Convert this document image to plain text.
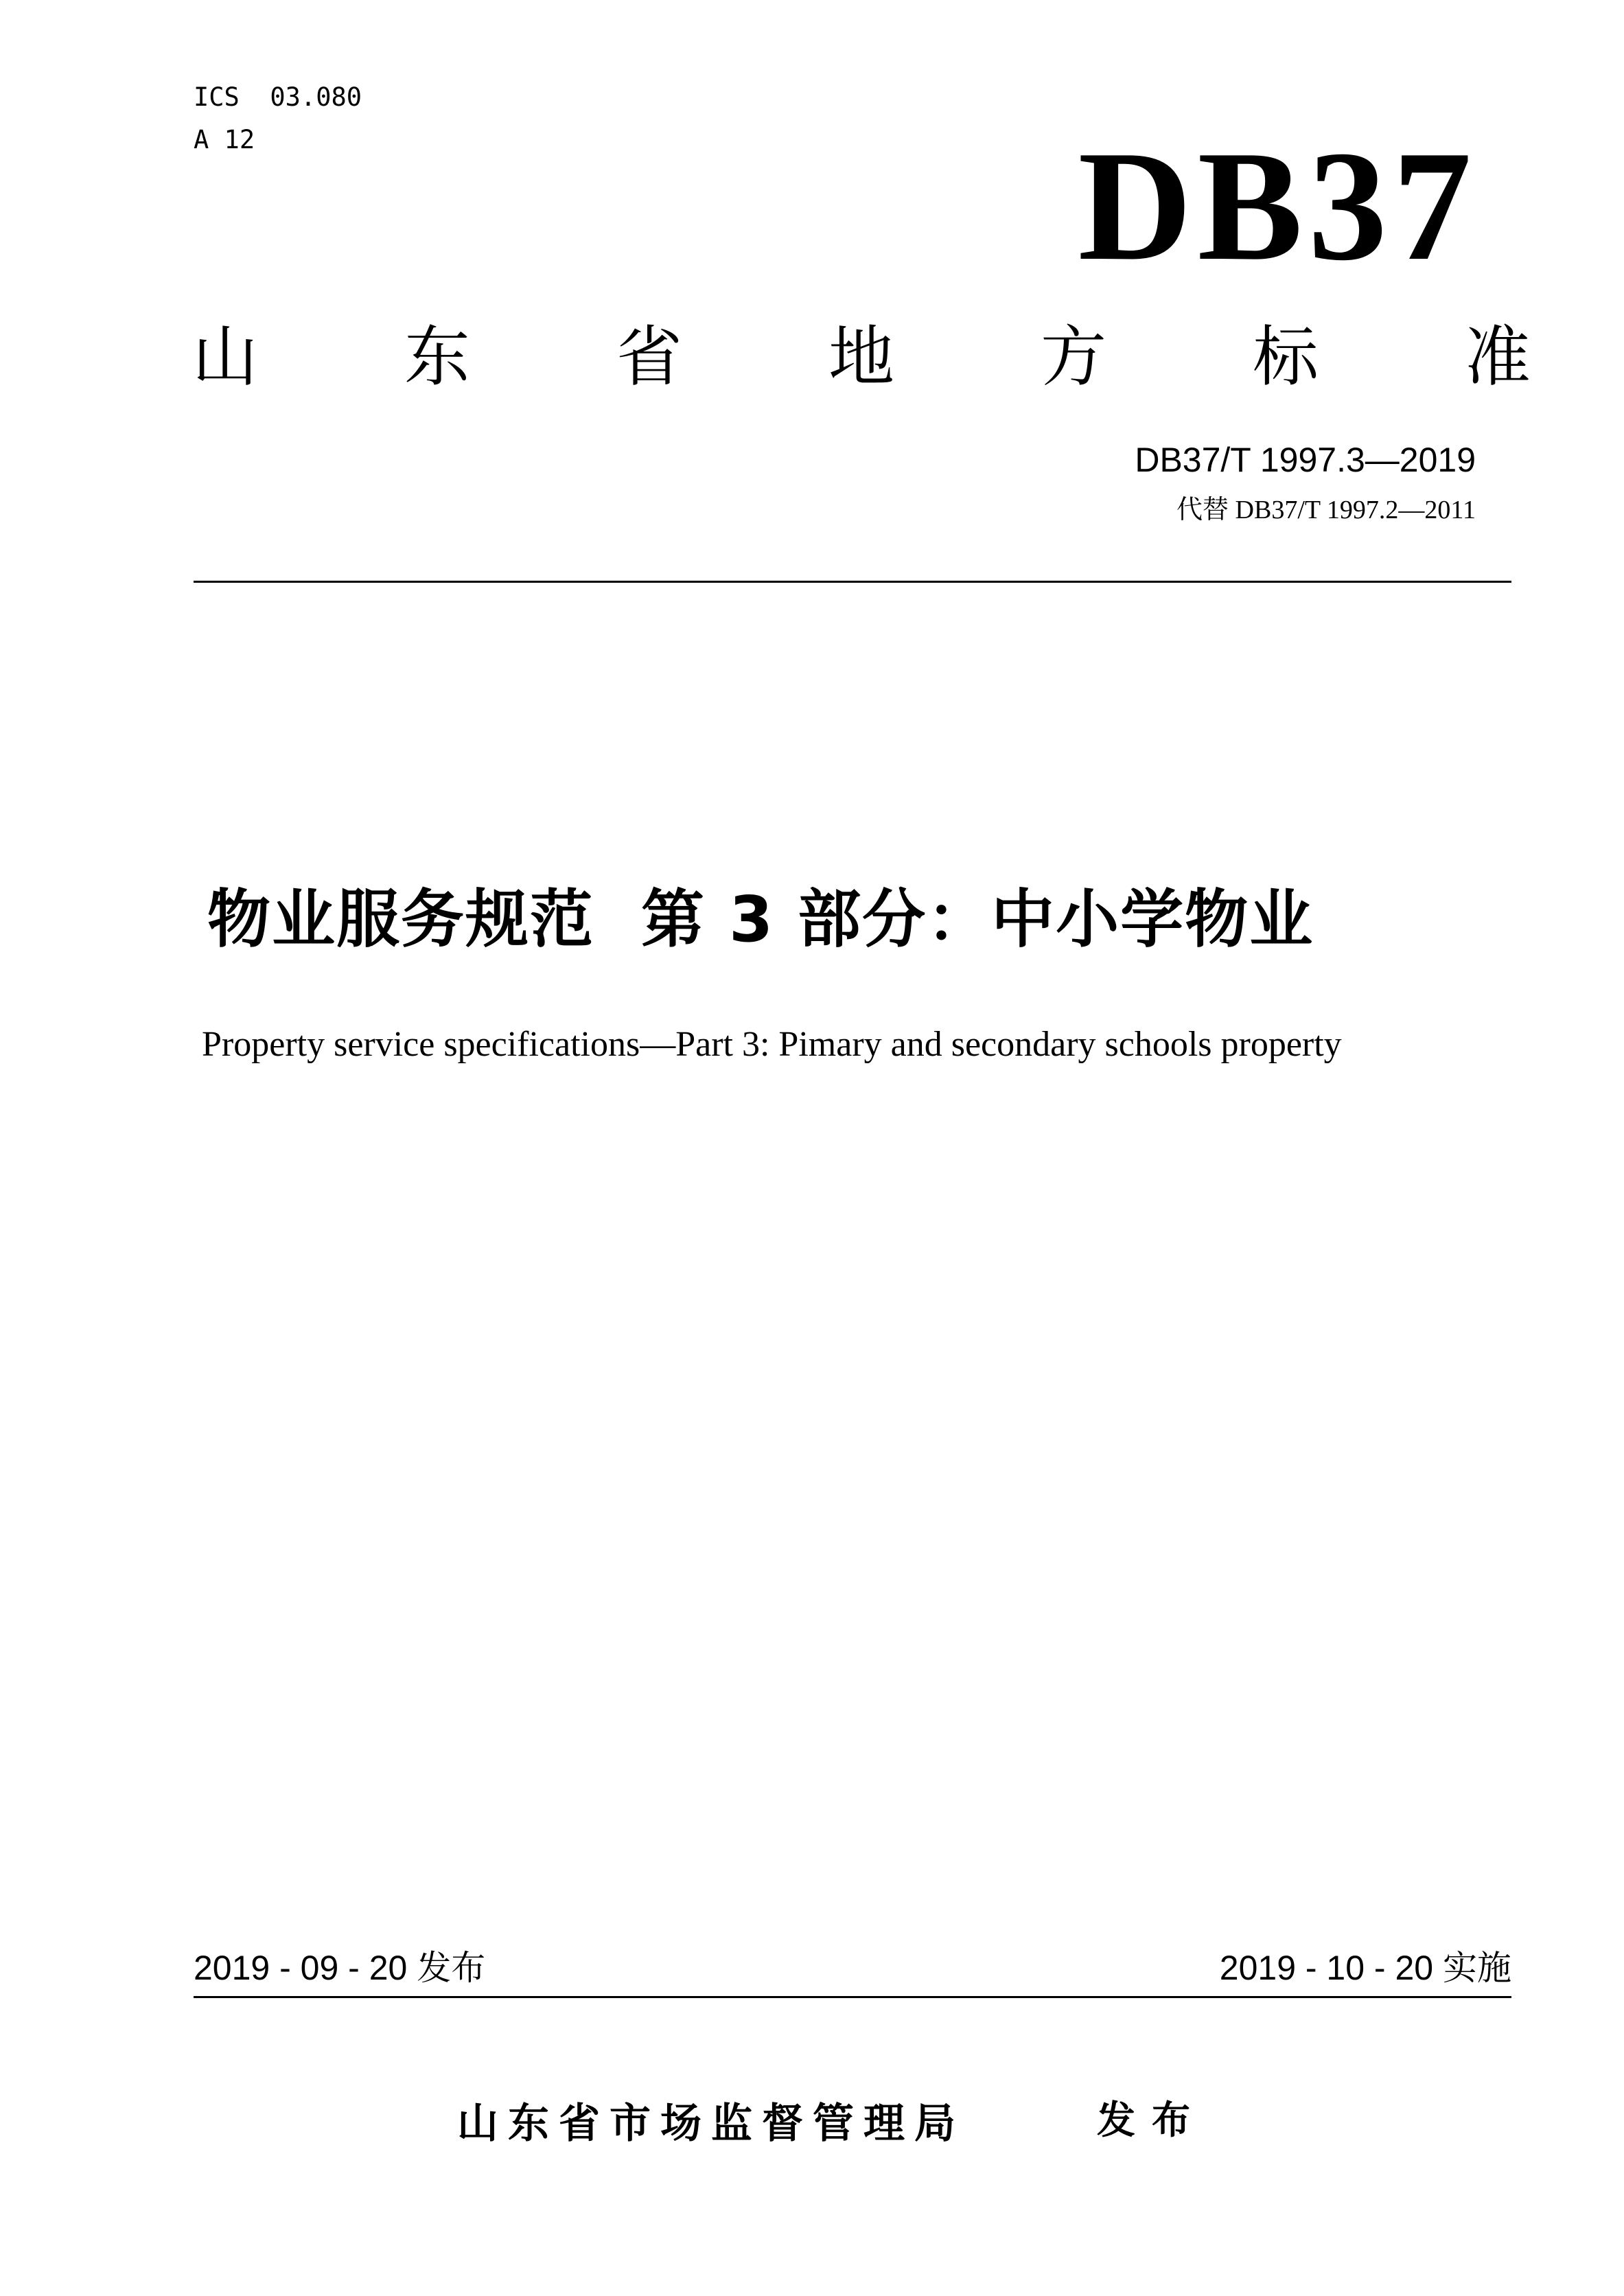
ICS  03.080
A 12	DB37
山 东 省 地 方 标 准
DB37/T 1997.3—2019
代替 DB37/T 1997.2—2011
物业服务规范  第 3 部分：中小学物业
Property service specifications—Part 3: Pimary and secondary schools property
2019 - 09 - 20 发布	2019 - 10 - 20 实施
山东省市场监督管理局	发布
